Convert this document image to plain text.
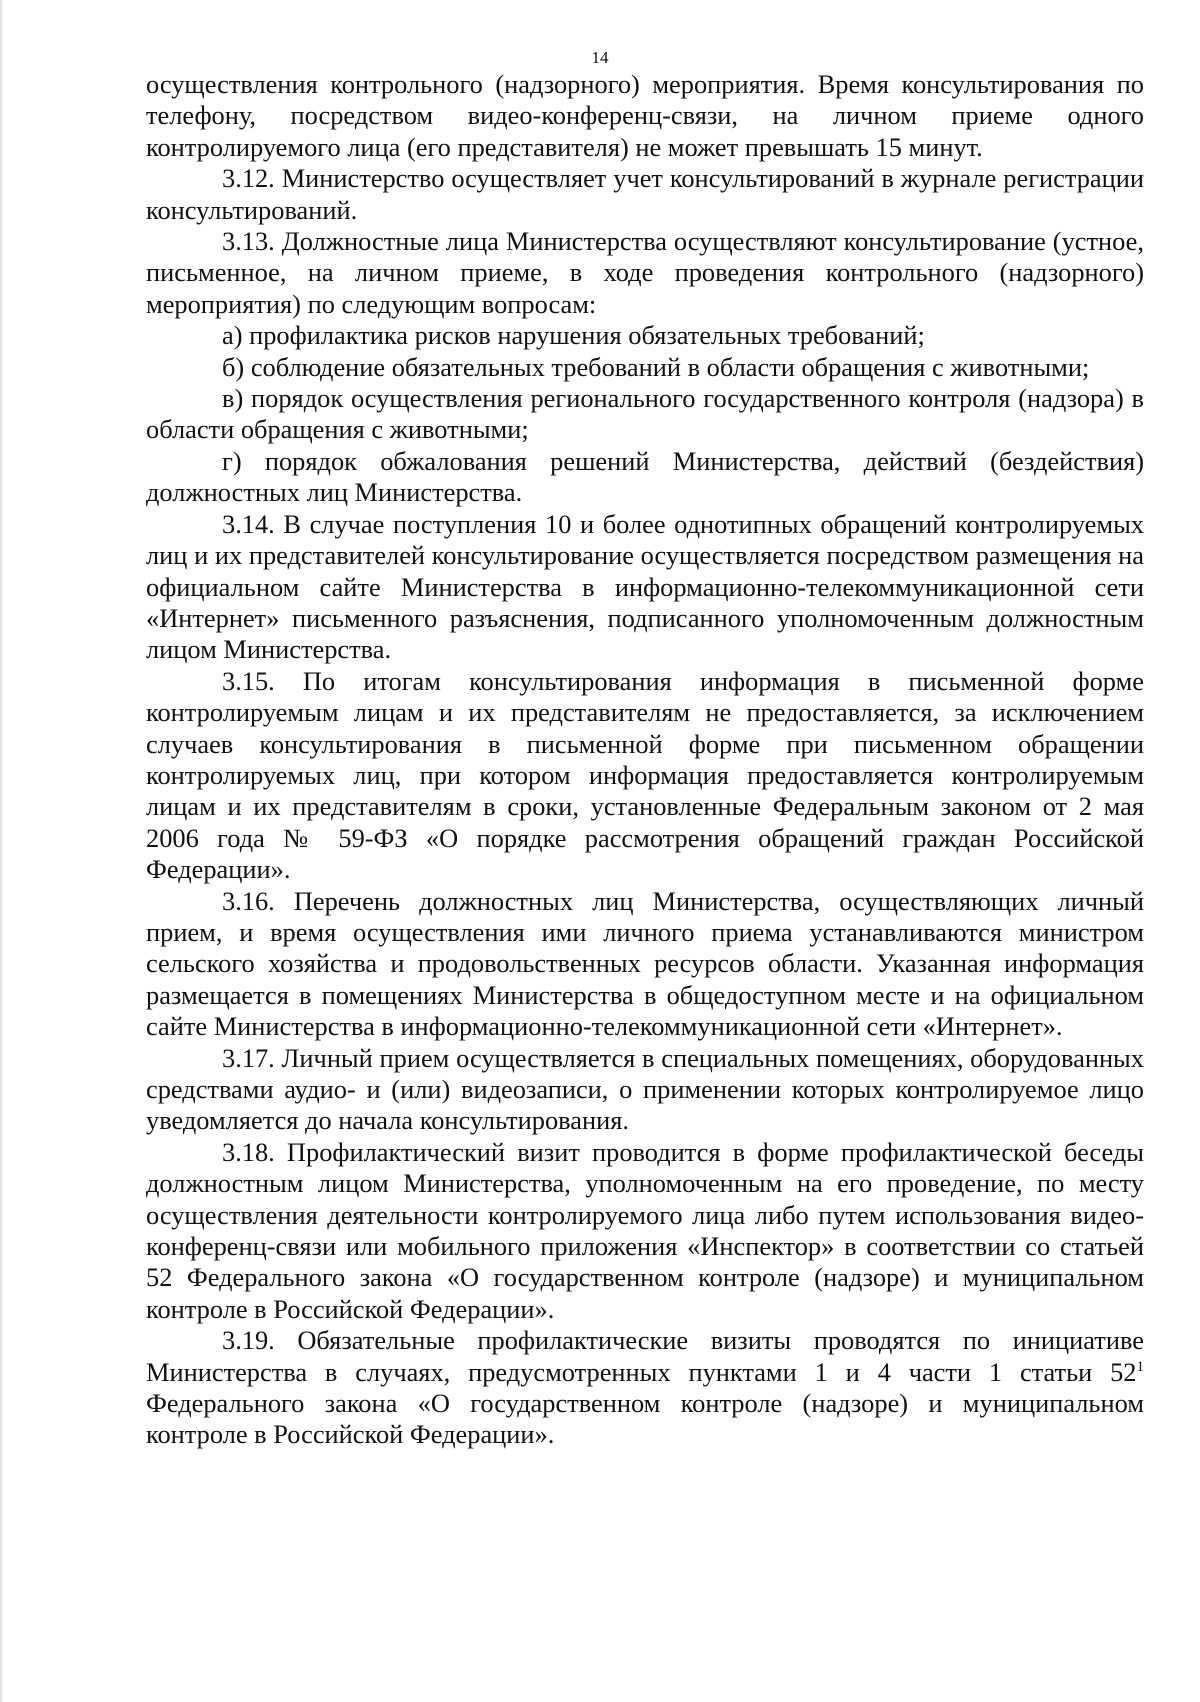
14

осуществления контрольного (надзорного) мероприятия. Время консультирования по телефону, посредством видео-конференц-связи, на личном приеме одного контролируемого лица (его представителя) не может превышать 15 минут.

3.12. Министерство осуществляет учет консультирований в журнале регистрации консультирований.

3.13. Должностные лица Министерства осуществляют консультирование (устное, письменное, на личном приеме, в ходе проведения контрольного (надзорного) мероприятия) по следующим вопросам:

а) профилактика рисков нарушения обязательных требований;

б) соблюдение обязательных требований в области обращения с животными;

в) порядок осуществления регионального государственного контроля (надзора) в области обращения с животными;

г) порядок обжалования решений Министерства, действий (бездействия) должностных лиц Министерства.

3.14. В случае поступления 10 и более однотипных обращений контролируемых лиц и их представителей консультирование осуществляется посредством размещения на официальном сайте Министерства в информационно-телекоммуникационной сети «Интернет» письменного разъяснения, подписанного уполномоченным должностным лицом Министерства.

3.15. По итогам консультирования информация в письменной форме контролируемым лицам и их представителям не предоставляется, за исключением случаев консультирования в письменной форме при письменном обращении контролируемых лиц, при котором информация предоставляется контролируемым лицам и их представителям в сроки, установленные Федеральным законом от 2 мая 2006 года № 59-ФЗ «О порядке рассмотрения обращений граждан Российской Федерации».

3.16. Перечень должностных лиц Министерства, осуществляющих личный прием, и время осуществления ими личного приема устанавливаются министром сельского хозяйства и продовольственных ресурсов области. Указанная информация размещается в помещениях Министерства в общедоступном месте и на официальном сайте Министерства в информационно-телекоммуникационной сети «Интернет».

3.17. Личный прием осуществляется в специальных помещениях, оборудованных средствами аудио- и (или) видеозаписи, о применении которых контролируемое лицо уведомляется до начала консультирования.

3.18. Профилактический визит проводится в форме профилактической беседы должностным лицом Министерства, уполномоченным на его проведение, по месту осуществления деятельности контролируемого лица либо путем использования видео-конференц-связи или мобильного приложения «Инспектор» в соответствии со статьей 52 Федерального закона «О государственном контроле (надзоре) и муниципальном контроле в Российской Федерации».

3.19. Обязательные профилактические визиты проводятся по инициативе Министерства в случаях, предусмотренных пунктами 1 и 4 части 1 статьи $52^1$ Федерального закона «О государственном контроле (надзоре) и муниципальном контроле в Российской Федерации».
